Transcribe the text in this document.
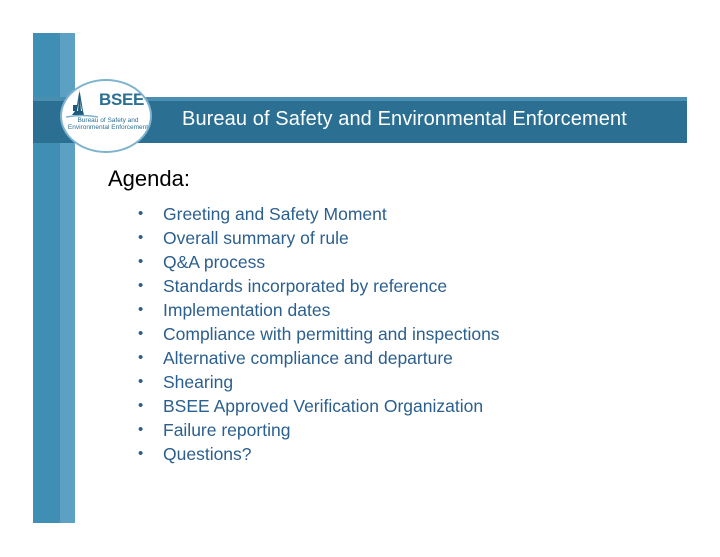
Bureau of Safety and Environmental Enforcement
BSEE
Bureau of Safety and Environmental Enforcement
Agenda:
• Greeting and Safety Moment
• Overall summary of rule
• Q&A process
• Standards incorporated by reference
• Implementation dates
• Compliance with permitting and inspections
• Alternative compliance and departure
• Shearing
• BSEE Approved Verification Organization
• Failure reporting
• Questions?
